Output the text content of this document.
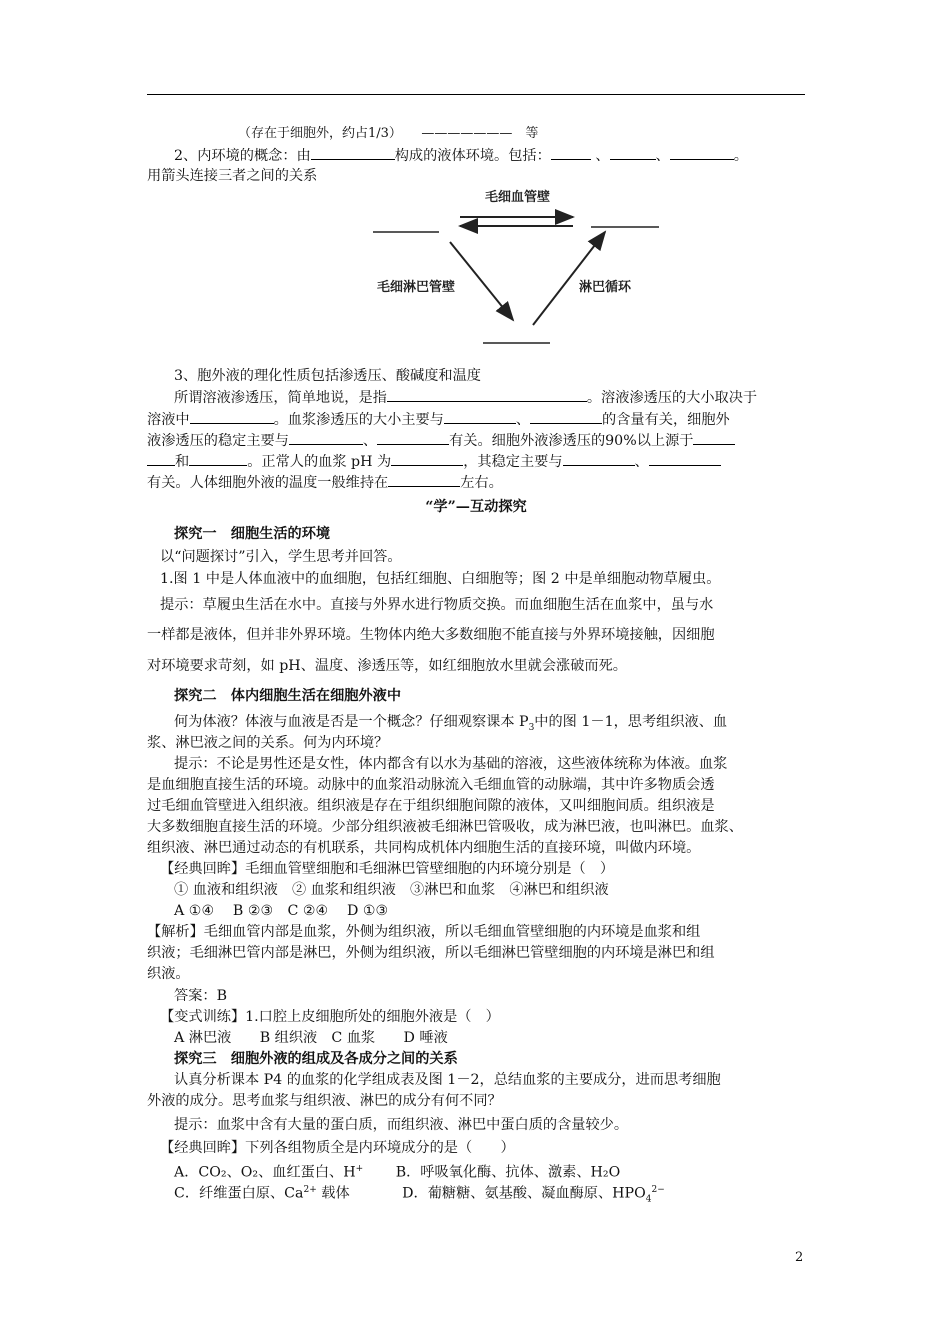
（存在于细胞外，约占1/3）　　———————　等
2、内环境的概念：由	构成的液体环境。包括：	、	、	。
用箭头连接三者之间的关系
毛细血管壁
毛细淋巴管壁	淋巴循环
3、胞外液的理化性质包括渗透压、酸碱度和温度
所谓溶液渗透压，简单地说，是指	。溶液渗透压的大小取决于
溶液中	。血浆渗透压的大小主要与	、	的含量有关，细胞外
液渗透压的稳定主要与	、	有关。细胞外液渗透压的90%以上源于
和	。正常人的血浆 pH 为	，其稳定主要与	、
有关。人体细胞外液的温度一般维持在	左右。
“学”—互动探究
探究一　细胞生活的环境
以“问题探讨”引入，学生思考并回答。
1.图 1 中是人体血液中的血细胞，包括红细胞、白细胞等；图 2 中是单细胞动物草履虫。
提示：草履虫生活在水中。直接与外界水进行物质交换。而血细胞生活在血浆中，虽与水
一样都是液体，但并非外界环境。生物体内绝大多数细胞不能直接与外界环境接触，因细胞
对环境要求苛刻，如 pH、温度、渗透压等，如红细胞放水里就会涨破而死。
探究二　体内细胞生活在细胞外液中
何为体液？体液与血液是否是一个概念？仔细观察课本 $P_3$中的图 1－1，思考组织液、血
浆、淋巴液之间的关系。何为内环境？
提示：不论是男性还是女性，体内都含有以水为基础的溶液，这些液体统称为体液。血浆
是血细胞直接生活的环境。动脉中的血浆沿动脉流入毛细血管的动脉端，其中许多物质会透
过毛细血管壁进入组织液。组织液是存在于组织细胞间隙的液体，又叫细胞间质。组织液是
大多数细胞直接生活的环境。少部分组织液被毛细淋巴管吸收，成为淋巴液，也叫淋巴。血浆、
组织液、淋巴通过动态的有机联系，共同构成机体内细胞生活的直接环境，叫做内环境。
【经典回眸】毛细血管壁细胞和毛细淋巴管壁细胞的内环境分别是（　）
① 血液和组织液　② 血浆和组织液　③淋巴和血浆　④淋巴和组织液
A ①④　 B ②③　C ②④　 D ①③
【解析】毛细血管内部是血浆，外侧为组织液，所以毛细血管壁细胞的内环境是血浆和组
织液；毛细淋巴管内部是淋巴，外侧为组织液，所以毛细淋巴管壁细胞的内环境是淋巴和组
织液。
答案：B
【变式训练】1.口腔上皮细胞所处的细胞外液是（　）
A 淋巴液　　B 组织液　C 血浆　　D 唾液
探究三　细胞外液的组成及各成分之间的关系
认真分析课本 P4 的血浆的化学组成表及图 1－2，总结血浆的主要成分，进而思考细胞
外液的成分。思考血浆与组织液、淋巴的成分有何不同？
提示：血浆中含有大量的蛋白质，而组织液、淋巴中蛋白质的含量较少。
【经典回眸】下列各组物质全是内环境成分的是（　　）
A．CO₂、O₂、血红蛋白、H+ B．呼吸氧化酶、抗体、激素、H₂O
C．纤维蛋白原、$Ca^{2+}$ 载体	D．葡糖糖、氨基酸、凝血酶原、$HPO_4^{2-}$
2
